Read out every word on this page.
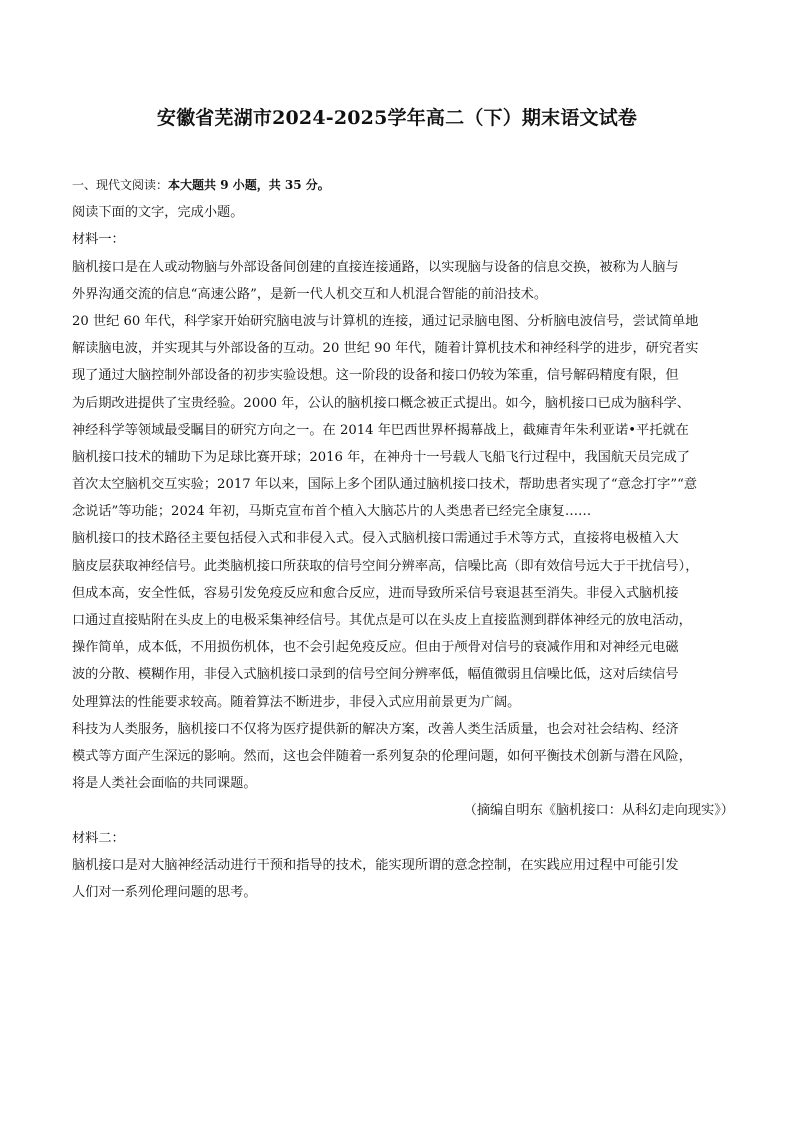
安徽省芜湖市2024-2025学年高二（下）期末语文试卷
一、现代文阅读：本大题共 9 小题，共 35 分。
阅读下面的文字，完成小题。
材料一：
脑机接口是在人或动物脑与外部设备间创建的直接连接通路，以实现脑与设备的信息交换，被称为人脑与
外界沟通交流的信息“高速公路”，是新一代人机交互和人机混合智能的前沿技术。
20 世纪 60 年代，科学家开始研究脑电波与计算机的连接，通过记录脑电图、分析脑电波信号，尝试简单地
解读脑电波，并实现其与外部设备的互动。20 世纪 90 年代，随着计算机技术和神经科学的进步，研究者实
现了通过大脑控制外部设备的初步实验设想。这一阶段的设备和接口仍较为笨重，信号解码精度有限，但
为后期改进提供了宝贵经验。2000 年，公认的脑机接口概念被正式提出。如今，脑机接口已成为脑科学、
神经科学等领域最受瞩目的研究方向之一。在 2014 年巴西世界杯揭幕战上，截瘫青年朱利亚诺•平托就在
脑机接口技术的辅助下为足球比赛开球；2016 年，在神舟十一号载人飞船飞行过程中，我国航天员完成了
首次太空脑机交互实验；2017 年以来，国际上多个团队通过脑机接口技术，帮助患者实现了“意念打字”“意
念说话”等功能；2024 年初，马斯克宣布首个植入大脑芯片的人类患者已经完全康复……
脑机接口的技术路径主要包括侵入式和非侵入式。侵入式脑机接口需通过手术等方式，直接将电极植入大
脑皮层获取神经信号。此类脑机接口所获取的信号空间分辨率高，信噪比高（即有效信号远大于干扰信号），
但成本高，安全性低，容易引发免疫反应和愈合反应，进而导致所采信号衰退甚至消失。非侵入式脑机接
口通过直接贴附在头皮上的电极采集神经信号。其优点是可以在头皮上直接监测到群体神经元的放电活动，
操作简单，成本低，不用损伤机体，也不会引起免疫反应。但由于颅骨对信号的衰减作用和对神经元电磁
波的分散、模糊作用，非侵入式脑机接口录到的信号空间分辨率低，幅值微弱且信噪比低，这对后续信号
处理算法的性能要求较高。随着算法不断进步，非侵入式应用前景更为广阔。
科技为人类服务，脑机接口不仅将为医疗提供新的解决方案，改善人类生活质量，也会对社会结构、经济
模式等方面产生深远的影响。然而，这也会伴随着一系列复杂的伦理问题，如何平衡技术创新与潜在风险，
将是人类社会面临的共同课题。
（摘编自明东《脑机接口：从科幻走向现实》）
材料二：
脑机接口是对大脑神经活动进行干预和指导的技术，能实现所谓的意念控制，在实践应用过程中可能引发
人们对一系列伦理问题的思考。
